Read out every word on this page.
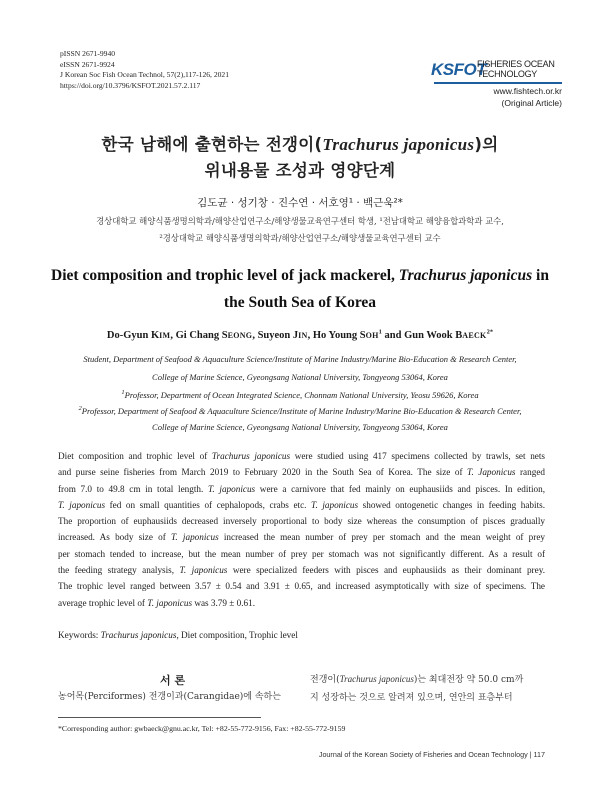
pISSN 2671-9940
eISSN 2671-9924
J Korean Soc Fish Ocean Technol, 57(2),117-126, 2021
https://doi.org/10.3796/KSFOT.2021.57.2.117
KSFOT
FISHERIES OCEAN
TECHNOLOGY
www.fishtech.or.kr
(Original Article)
한국 남해에 출현하는 전갱이(Trachurus japonicus)의
위내용물 조성과 영양단계
김도균 · 성기창 · 진수연 · 서호영¹ · 백근욱²*
경상대학교 해양식품생명의학과/해양산업연구소/해양생물교육연구센터 학생, ¹전남대학교 해양융합과학과 교수,
²경상대학교 해양식품생명의학과/해양산업연구소/해양생물교육연구센터 교수
Diet composition and trophic level of jack mackerel, Trachurus japonicus in
the South Sea of Korea
Do-Gyun KIM, Gi Chang SEONG, Suyeon JIN, Ho Young SOH$^1$ and Gun Wook $BAECK^{2*}$
Student, Department of Seafood & Aquaculture Science/Institute of Marine Industry/Marine Bio-Education & Research Center,
College of Marine Science, Gyeongsang National University, Tongyeong 53064, Korea
$^1$Professor, Department of Ocean Integrated Science, Chonnam National University, Yeosu 59626, Korea
$^2$Professor, Department of Seafood & Aquaculture Science/Institute of Marine Industry/Marine Bio-Education & Research Center,
College of Marine Science, Gyeongsang National University, Tongyeong 53064, Korea
Diet composition and trophic level of Trachurus japonicus were studied using 417 specimens collected by trawls, set nets
and purse seine fisheries from March 2019 to February 2020 in the South Sea of Korea. The size of T. Japonicus ranged
from 7.0 to 49.8 cm in total length. T. japonicus were a carnivore that fed mainly on euphausiids and pisces. In edition,
T. japonicus fed on small quantities of cephalopods, crabs etc. T. japonicus showed ontogenetic changes in feeding habits.
The proportion of euphausiids decreased inversely proportional to body size whereas the consumption of pisces gradually
increased. As body size of T. japonicus increased the mean number of prey per stomach and the mean weight of prey
per stomach tended to increase, but the mean number of prey per stomach was not significantly different. As a result of
the feeding strategy analysis, T. japonicus were specialized feeders with pisces and euphausiids as their dominant prey.
The trophic level ranged between 3.57 ± 0.54 and 3.91 ± 0.65, and increased asymptotically with size of specimens. The
average trophic level of T. japonicus was 3.79 ± 0.61.
Keywords: Trachurus japonicus, Diet composition, Trophic level
서 론
농어목(Perciformes) 전갱이과(Carangidae)에 속하는
전갱이(Trachurus japonicus)는 최대전장 약 50.0 cm까
지 성장하는 것으로 알려져 있으며, 연안의 표층부터
*Corresponding author: gwbaeck@gnu.ac.kr, Tel: +82-55-772-9156, Fax: +82-55-772-9159
Journal of the Korean Society of Fisheries and Ocean Technology | 117
